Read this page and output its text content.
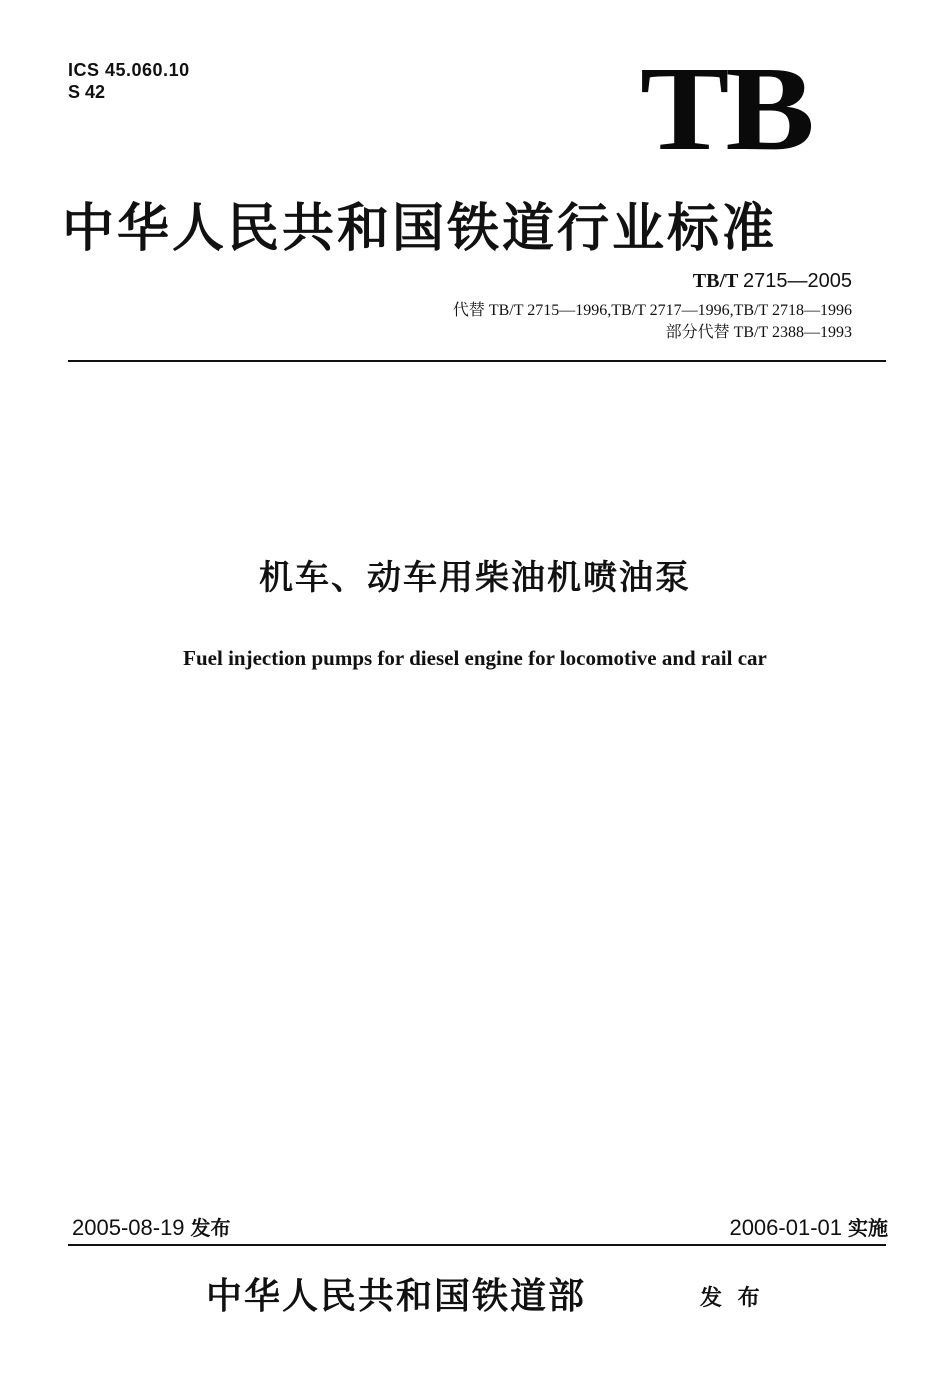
ICS 45.060.10
S 42	TB
中华人民共和国铁道行业标准
TB/T 2715—2005
代替 TB/T 2715—1996,TB/T 2717—1996,TB/T 2718—1996
部分代替 TB/T 2388—1993
机车、动车用柴油机喷油泵
Fuel injection pumps for diesel engine for locomotive and rail car
2005-08-19 发布	2006-01-01 实施
中华人民共和国铁道部	发 布
